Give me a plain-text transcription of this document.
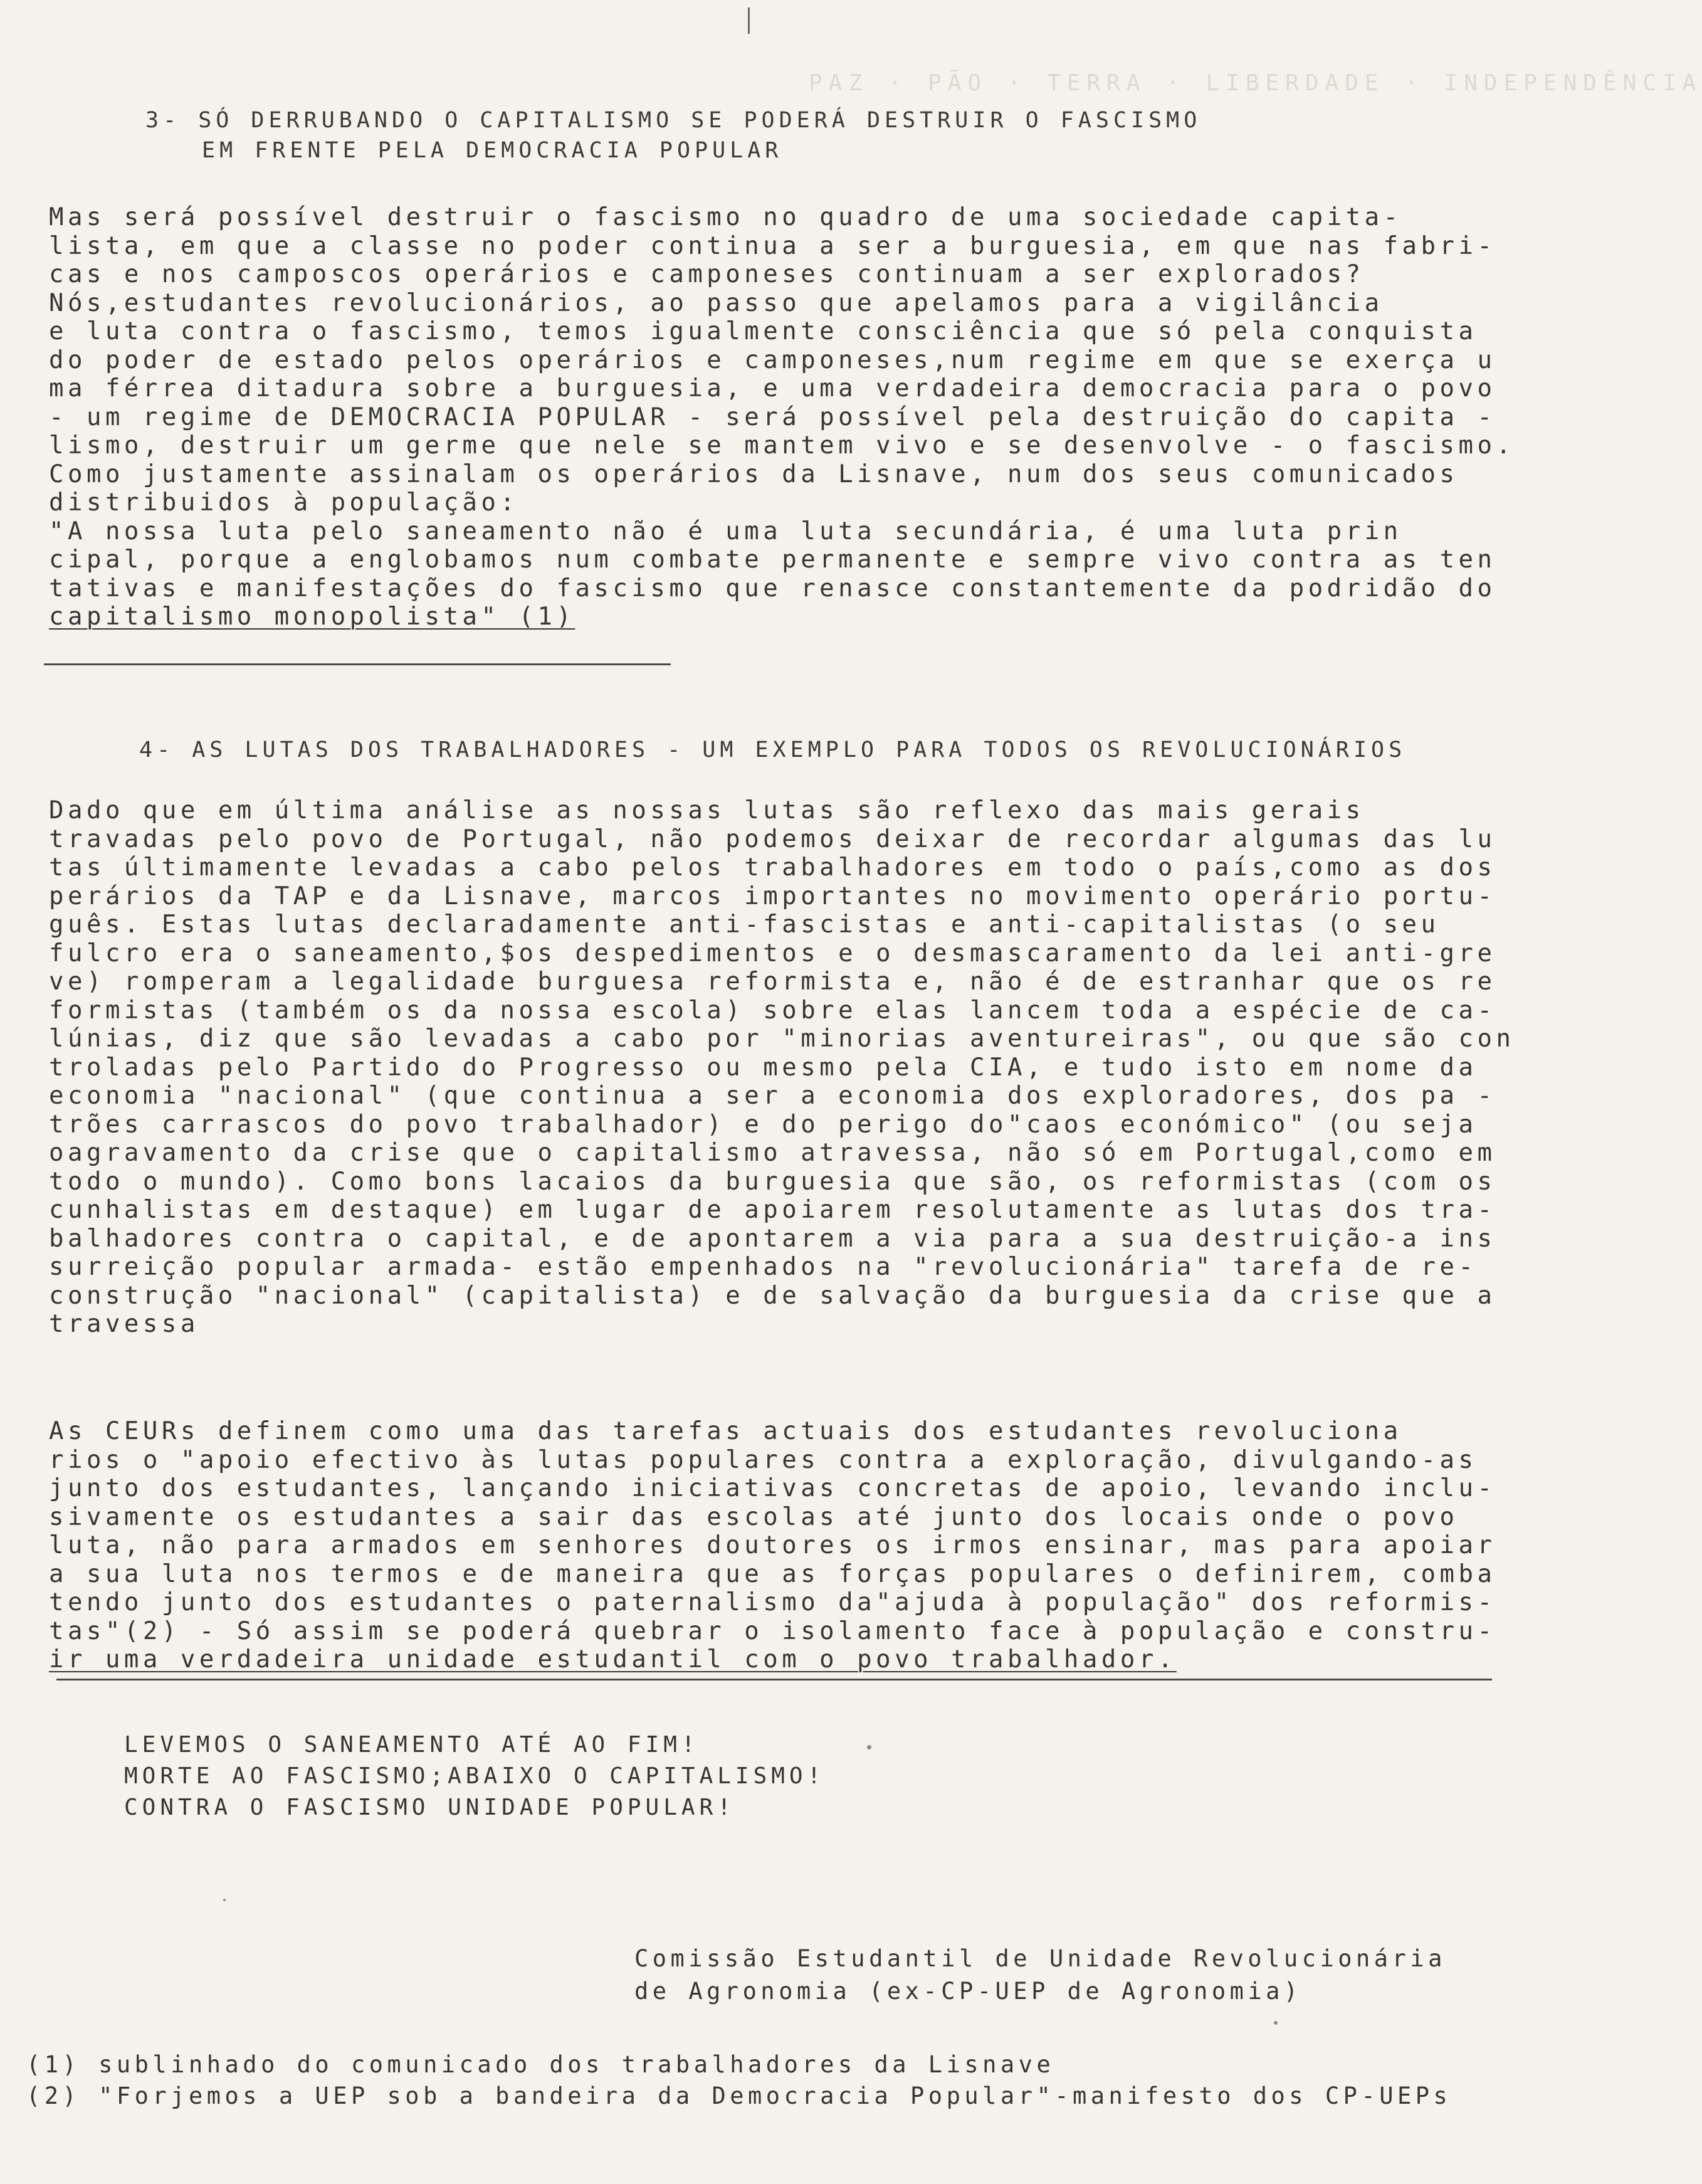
PAZ · PÃO · TERRA · LIBERDADE · INDEPENDÊNCIA
3- SÓ DERRUBANDO O CAPITALISMO SE PODERÁ DESTRUIR O FASCISMO
EM FRENTE PELA DEMOCRACIA POPULAR
Mas será possível destruir o fascismo no quadro de uma sociedade capita-
lista, em que a classe no poder continua a ser a burguesia, em que nas fabri-
cas e nos camposcos operários e camponeses continuam a ser explorados?
Nós,estudantes revolucionários, ao passo que apelamos para a vigilância
e luta contra o fascismo, temos igualmente consciência que só pela conquista
do poder de estado pelos operários e camponeses,num regime em que se exerça u
ma férrea ditadura sobre a burguesia, e uma verdadeira democracia para o povo
- um regime de DEMOCRACIA POPULAR - será possível pela destruição do capita -
lismo, destruir um germe que nele se mantem vivo e se desenvolve - o fascismo.
Como justamente assinalam os operários da Lisnave, num dos seus comunicados
distribuidos à população:
"A nossa luta pelo saneamento não é uma luta secundária, é uma luta prin
cipal, porque a englobamos num combate permanente e sempre vivo contra as ten
tativas e manifestações do fascismo que renasce constantemente da podridão do
capitalismo monopolista" (1)
4- AS LUTAS DOS TRABALHADORES - UM EXEMPLO PARA TODOS OS REVOLUCIONÁRIOS
Dado que em última análise as nossas lutas são reflexo das mais gerais
travadas pelo povo de Portugal, não podemos deixar de recordar algumas das lu
tas últimamente levadas a cabo pelos trabalhadores em todo o país,como as dos
perários da TAP e da Lisnave, marcos importantes no movimento operário portu-
guês. Estas lutas declaradamente anti-fascistas e anti-capitalistas (o seu
fulcro era o saneamento,$os despedimentos e o desmascaramento da lei anti-gre
ve) romperam a legalidade burguesa reformista e, não é de estranhar que os re
formistas (também os da nossa escola) sobre elas lancem toda a espécie de ca-
lúnias, diz que são levadas a cabo por "minorias aventureiras", ou que são con
troladas pelo Partido do Progresso ou mesmo pela CIA, e tudo isto em nome da
economia "nacional" (que continua a ser a economia dos exploradores, dos pa -
trões carrascos do povo trabalhador) e do perigo do"caos económico" (ou seja
oagravamento da crise que o capitalismo atravessa, não só em Portugal,como em
todo o mundo). Como bons lacaios da burguesia que são, os reformistas (com os
cunhalistas em destaque) em lugar de apoiarem resolutamente as lutas dos tra-
balhadores contra o capital, e de apontarem a via para a sua destruição-a ins
surreição popular armada- estão empenhados na "revolucionária" tarefa de re-
construção "nacional" (capitalista) e de salvação da burguesia da crise que a
travessa
As CEURs definem como uma das tarefas actuais dos estudantes revoluciona
rios o "apoio efectivo às lutas populares contra a exploração, divulgando-as
junto dos estudantes, lançando iniciativas concretas de apoio, levando inclu-
sivamente os estudantes a sair das escolas até junto dos locais onde o povo
luta, não para armados em senhores doutores os irmos ensinar, mas para apoiar
a sua luta nos termos e de maneira que as forças populares o definirem, comba
tendo junto dos estudantes o paternalismo da"ajuda à população" dos reformis-
tas"(2) - Só assim se poderá quebrar o isolamento face à população e constru-
ir uma verdadeira unidade estudantil com o povo trabalhador.
LEVEMOS O SANEAMENTO ATÉ AO FIM!
MORTE AO FASCISMO;ABAIXO O CAPITALISMO!
CONTRA O FASCISMO UNIDADE POPULAR!
Comissão Estudantil de Unidade Revolucionária
de Agronomia (ex-CP-UEP de Agronomia)
(1) sublinhado do comunicado dos trabalhadores da Lisnave
(2) "Forjemos a UEP sob a bandeira da Democracia Popular"-manifesto dos CP-UEPs
